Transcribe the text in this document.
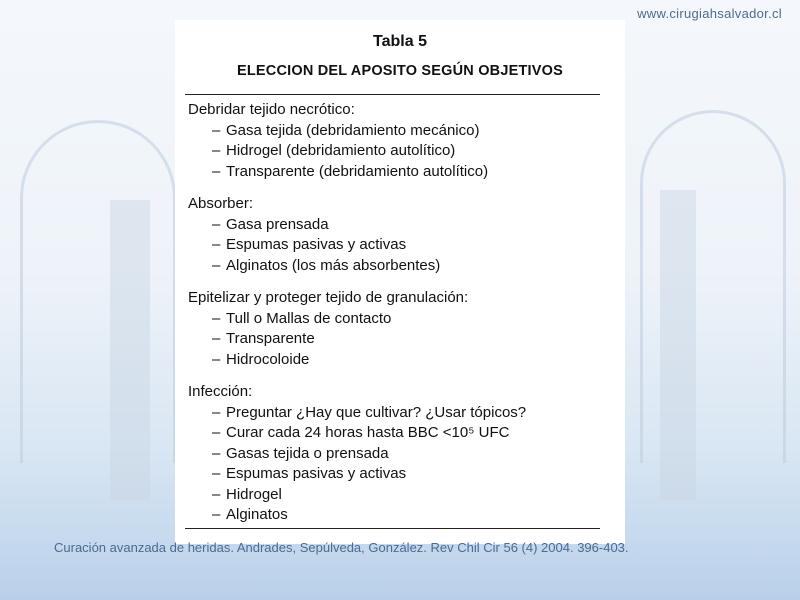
www.cirugiahsalvador.cl
Tabla 5
ELECCION DEL APOSITO SEGÚN OBJETIVOS
Debridar tejido necrótico:
– Gasa tejida (debridamiento mecánico)
– Hidrogel (debridamiento autolítico)
– Transparente (debridamiento autolítico)
Absorber:
– Gasa prensada
– Espumas pasivas y activas
– Alginatos (los más absorbentes)
Epitelizar y proteger tejido de granulación:
– Tull o Mallas de contacto
– Transparente
– Hidrocoloide
Infección:
– Preguntar ¿Hay que cultivar? ¿Usar tópicos?
– Curar cada 24 horas hasta BBC <10⁵ UFC
– Gasas tejida o prensada
– Espumas pasivas y activas
– Hidrogel
– Alginatos
Curación avanzada de heridas. Andrades, Sepúlveda, González. Rev Chil Cir 56 (4) 2004. 396-403.
